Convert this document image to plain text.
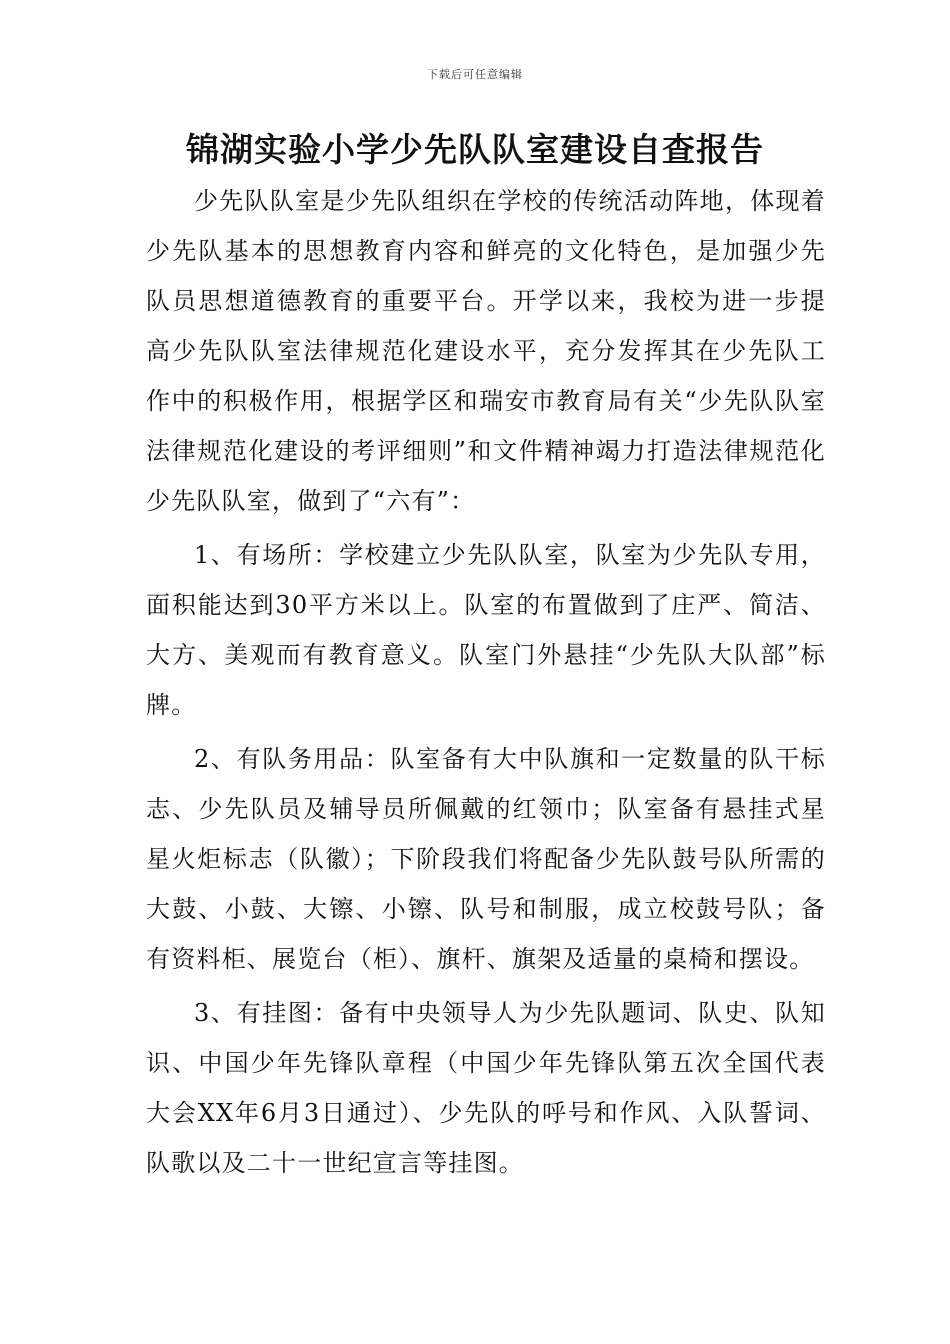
下载后可任意编辑
锦湖实验小学少先队队室建设自查报告

少先队队室是少先队组织在学校的传统活动阵地，体现着少先队基本的思想教育内容和鲜亮的文化特色，是加强少先队员思想道德教育的重要平台。开学以来，我校为进一步提高少先队队室法律规范化建设水平，充分发挥其在少先队工作中的积极作用，根据学区和瑞安市教育局有关“少先队队室法律规范化建设的考评细则”和文件精神竭力打造法律规范化少先队队室，做到了“六有”：

1、有场所：学校建立少先队队室，队室为少先队专用，面积能达到30平方米以上。队室的布置做到了庄严、简洁、大方、美观而有教育意义。队室门外悬挂“少先队大队部”标牌。

2、有队务用品：队室备有大中队旗和一定数量的队干标志、少先队员及辅导员所佩戴的红领巾；队室备有悬挂式星星火炬标志（队徽）；下阶段我们将配备少先队鼓号队所需的大鼓、小鼓、大镲、小镲、队号和制服，成立校鼓号队；备有资料柜、展览台（柜）、旗杆、旗架及适量的桌椅和摆设。

3、有挂图：备有中央领导人为少先队题词、队史、队知识、中国少年先锋队章程（中国少年先锋队第五次全国代表大会XX年6月3日通过）、少先队的呼号和作风、入队誓词、队歌以及二十一世纪宣言等挂图。
